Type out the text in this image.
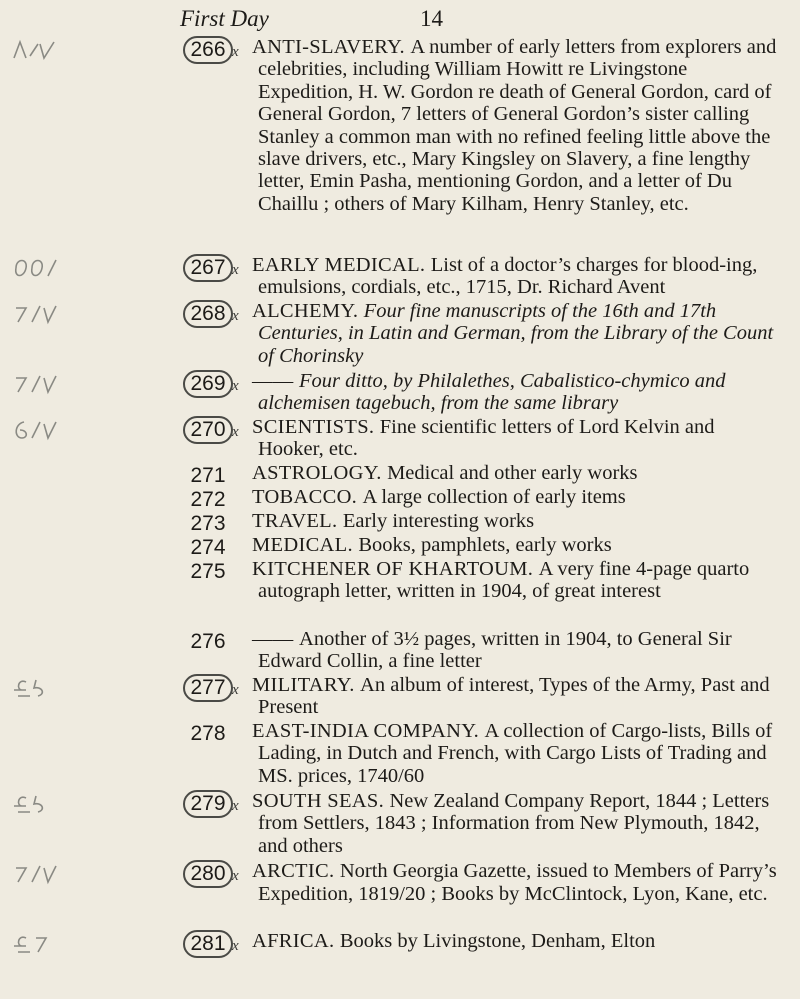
First Day	14
266 x ANTI-SLAVERY. A number of early letters from explorers and celebrities, including William Howitt re Livingstone Expedition, H. W. Gordon re death of General Gordon, card of General Gordon, 7 letters of General Gordon’s sister calling Stanley a common man with no refined feeling little above the slave drivers, etc., Mary Kingsley on Slavery, a fine lengthy letter, Emin Pasha, mentioning Gordon, and a letter of Du Chaillu ; others of Mary Kilham, Henry Stanley, etc.
267 x EARLY MEDICAL. List of a doctor’s charges for blood-ing, emulsions, cordials, etc., 1715, Dr. Richard Avent
268 x ALCHEMY. Four fine manuscripts of the 16th and 17th Centuries, in Latin and German, from the Library of the Count of Chorinsky
269 x —— Four ditto, by Philalethes, Cabalistico-chymico and alchemisen tagebuch, from the same library
270 x SCIENTISTS. Fine scientific letters of Lord Kelvin and Hooker, etc.
271	ASTROLOGY. Medical and other early works
272	TOBACCO. A large collection of early items
273	TRAVEL. Early interesting works
274	MEDICAL. Books, pamphlets, early works
275	KITCHENER OF KHARTOUM. A very fine 4-page quarto autograph letter, written in 1904, of great interest
276	—— Another of 3½ pages, written in 1904, to General Sir Edward Collin, a fine letter
277 x MILITARY. An album of interest, Types of the Army, Past and Present
278	EAST-INDIA COMPANY. A collection of Cargo-lists, Bills of Lading, in Dutch and French, with Cargo Lists of Trading and MS. prices, 1740/60
279 x SOUTH SEAS. New Zealand Company Report, 1844 ; Letters from Settlers, 1843 ; Information from New Plymouth, 1842, and others
280 x ARCTIC. North Georgia Gazette, issued to Members of Parry’s Expedition, 1819/20 ; Books by McClintock, Lyon, Kane, etc.
281 x AFRICA. Books by Livingstone, Denham, Elton
